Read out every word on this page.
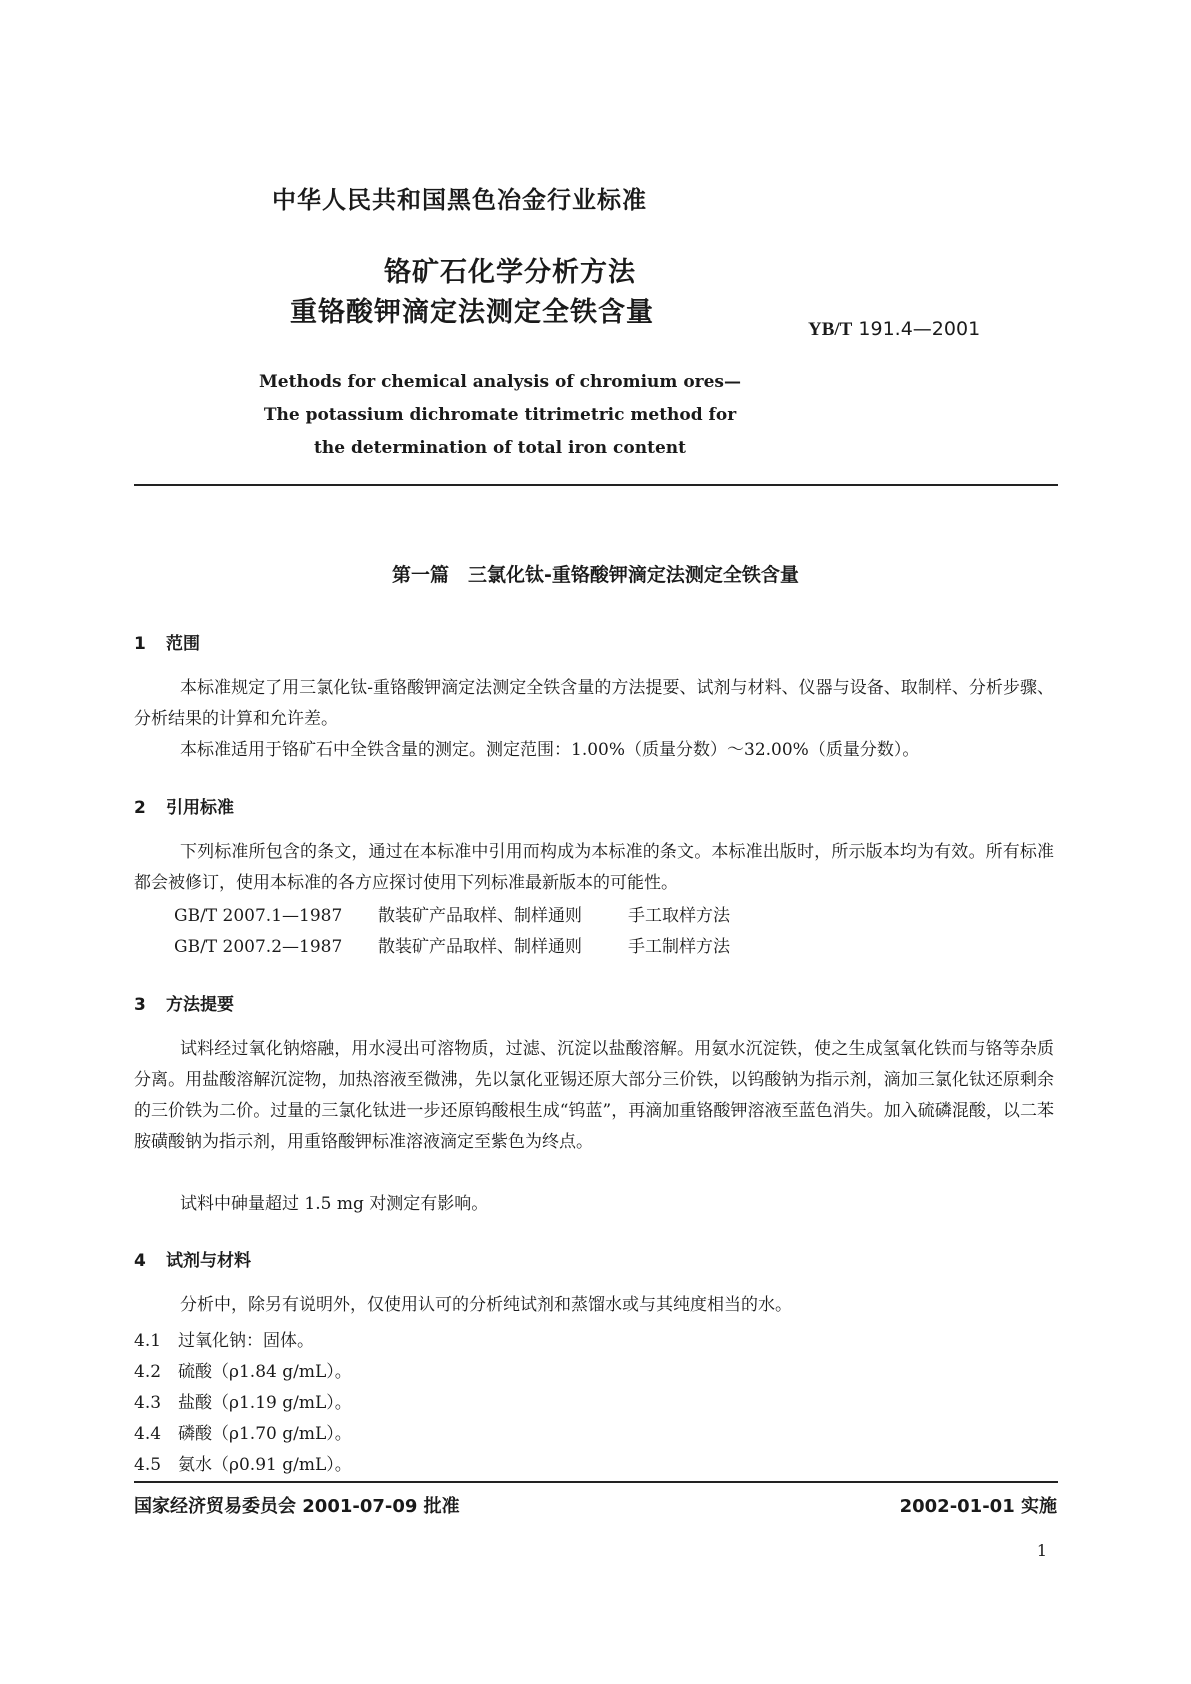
中华人民共和国黑色冶金行业标准
铬矿石化学分析方法
重铬酸钾滴定法测定全铁含量
YB/T 191.4—2001
Methods for chemical analysis of chromium ores—
The potassium dichromate titrimetric method for
the determination of total iron content
第一篇　三氯化钛-重铬酸钾滴定法测定全铁含量
1 范围
本标准规定了用三氯化钛-重铬酸钾滴定法测定全铁含量的方法提要、试剂与材料、仪器与设备、取制样、分析步骤、分析结果的计算和允许差。
本标准适用于铬矿石中全铁含量的测定。测定范围：1.00%（质量分数）～32.00%（质量分数）。
2 引用标准
下列标准所包含的条文，通过在本标准中引用而构成为本标准的条文。本标准出版时，所示版本均为有效。所有标准都会被修订，使用本标准的各方应探讨使用下列标准最新版本的可能性。
GB/T 2007.1—1987 散装矿产品取样、制样通则	手工取样方法
GB/T 2007.2—1987 散装矿产品取样、制样通则	手工制样方法
3 方法提要
试料经过氧化钠熔融，用水浸出可溶物质，过滤、沉淀以盐酸溶解。用氨水沉淀铁，使之生成氢氧化铁而与铬等杂质分离。用盐酸溶解沉淀物，加热溶液至微沸，先以氯化亚锡还原大部分三价铁，以钨酸钠为指示剂，滴加三氯化钛还原剩余的三价铁为二价。过量的三氯化钛进一步还原钨酸根生成“钨蓝”，再滴加重铬酸钾溶液至蓝色消失。加入硫磷混酸，以二苯胺磺酸钠为指示剂，用重铬酸钾标准溶液滴定至紫色为终点。
试料中砷量超过 1.5 mg 对测定有影响。
4 试剂与材料
分析中，除另有说明外，仅使用认可的分析纯试剂和蒸馏水或与其纯度相当的水。
4.1 过氧化钠：固体。
4.2 硫酸（ρ1.84 g/mL）。
4.3 盐酸（ρ1.19 g/mL）。
4.4 磷酸（ρ1.70 g/mL）。
4.5 氨水（ρ0.91 g/mL）。
国家经济贸易委员会 2001-07-09 批准	2002-01-01 实施
1
